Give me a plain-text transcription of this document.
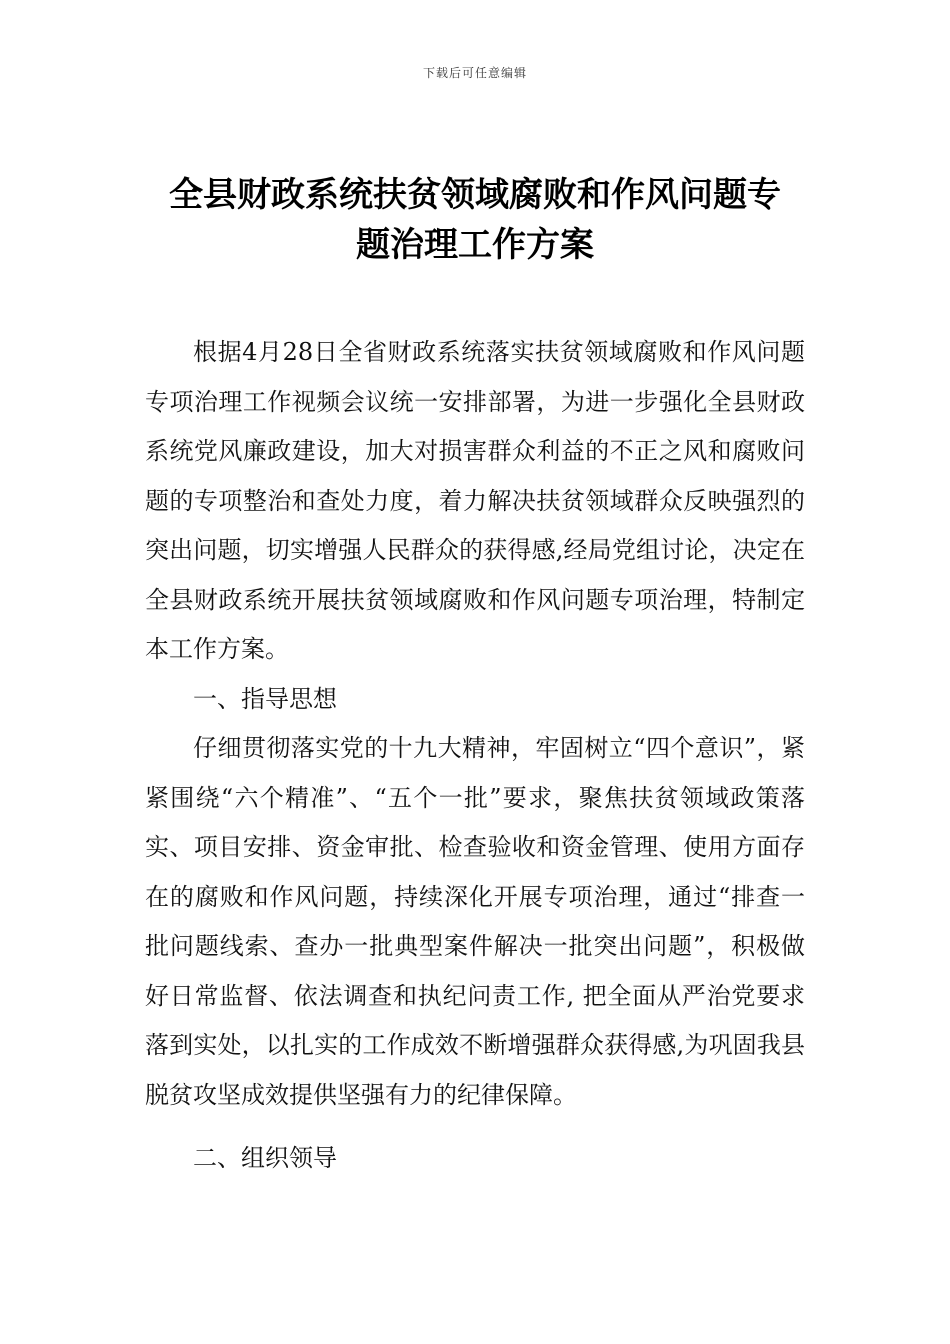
下载后可任意编辑
全县财政系统扶贫领域腐败和作风问题专
题治理工作方案

根据4月28日全省财政系统落实扶贫领域腐败和作风问题专项治理工作视频会议统一安排部署，为进一步强化全县财政系统党风廉政建设，加大对损害群众利益的不正之风和腐败问题的专项整治和查处力度，着力解决扶贫领域群众反映强烈的突出问题，切实增强人民群众的获得感,经局党组讨论，决定在全县财政系统开展扶贫领域腐败和作风问题专项治理，特制定本工作方案。

一、指导思想

仔细贯彻落实党的十九大精神，牢固树立“四个意识”，紧紧围绕“六个精准”、“五个一批”要求，聚焦扶贫领域政策落实、项目安排、资金审批、检查验收和资金管理、使用方面存在的腐败和作风问题，持续深化开展专项治理，通过“排查一批问题线索、查办一批典型案件解决一批突出问题”，积极做好日常监督、依法调查和执纪问责工作, 把全面从严治党要求落到实处，以扎实的工作成效不断增强群众获得感,为巩固我县脱贫攻坚成效提供坚强有力的纪律保障。

二、组织领导
